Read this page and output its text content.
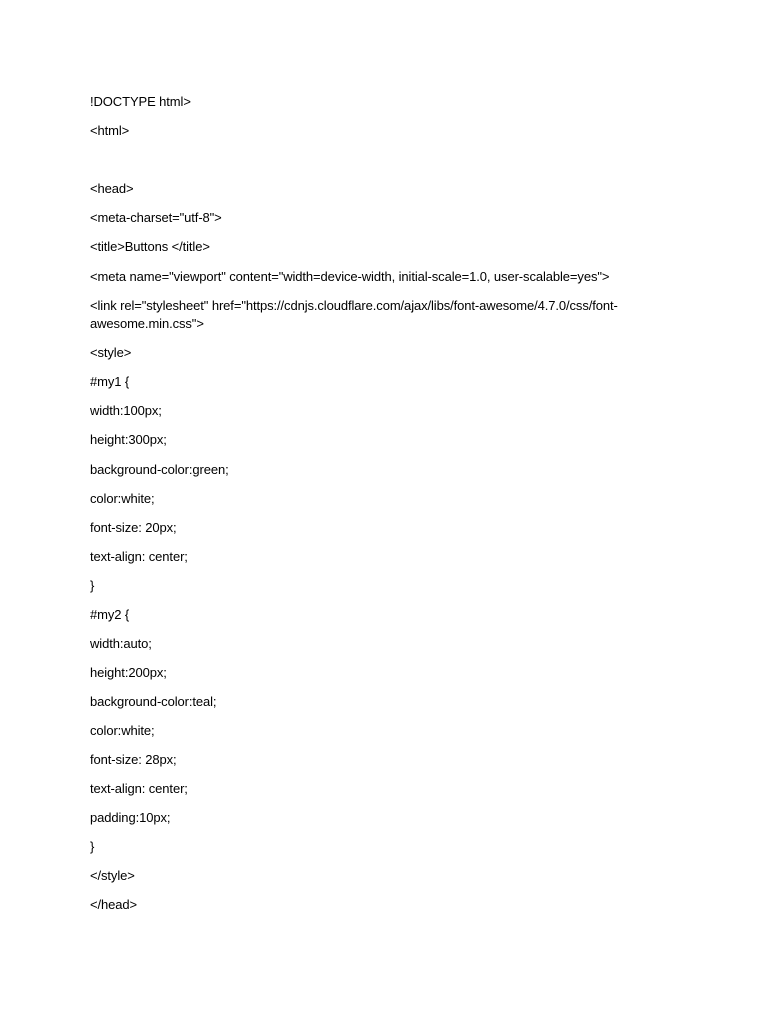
!DOCTYPE html>
<html>
<head>
<meta-charset="utf-8">
<title>Buttons </title>
<meta name="viewport" content="width=device-width, initial-scale=1.0, user-scalable=yes">
<link rel="stylesheet" href="https://cdnjs.cloudflare.com/ajax/libs/font-awesome/4.7.0/css/font-awesome.min.css">
<style>
#my1 {
width:100px;
height:300px;
background-color:green;
color:white;
font-size: 20px;
text-align: center;
}
#my2 {
width:auto;
height:200px;
background-color:teal;
color:white;
font-size: 28px;
text-align: center;
padding:10px;
}
</style>
</head>
